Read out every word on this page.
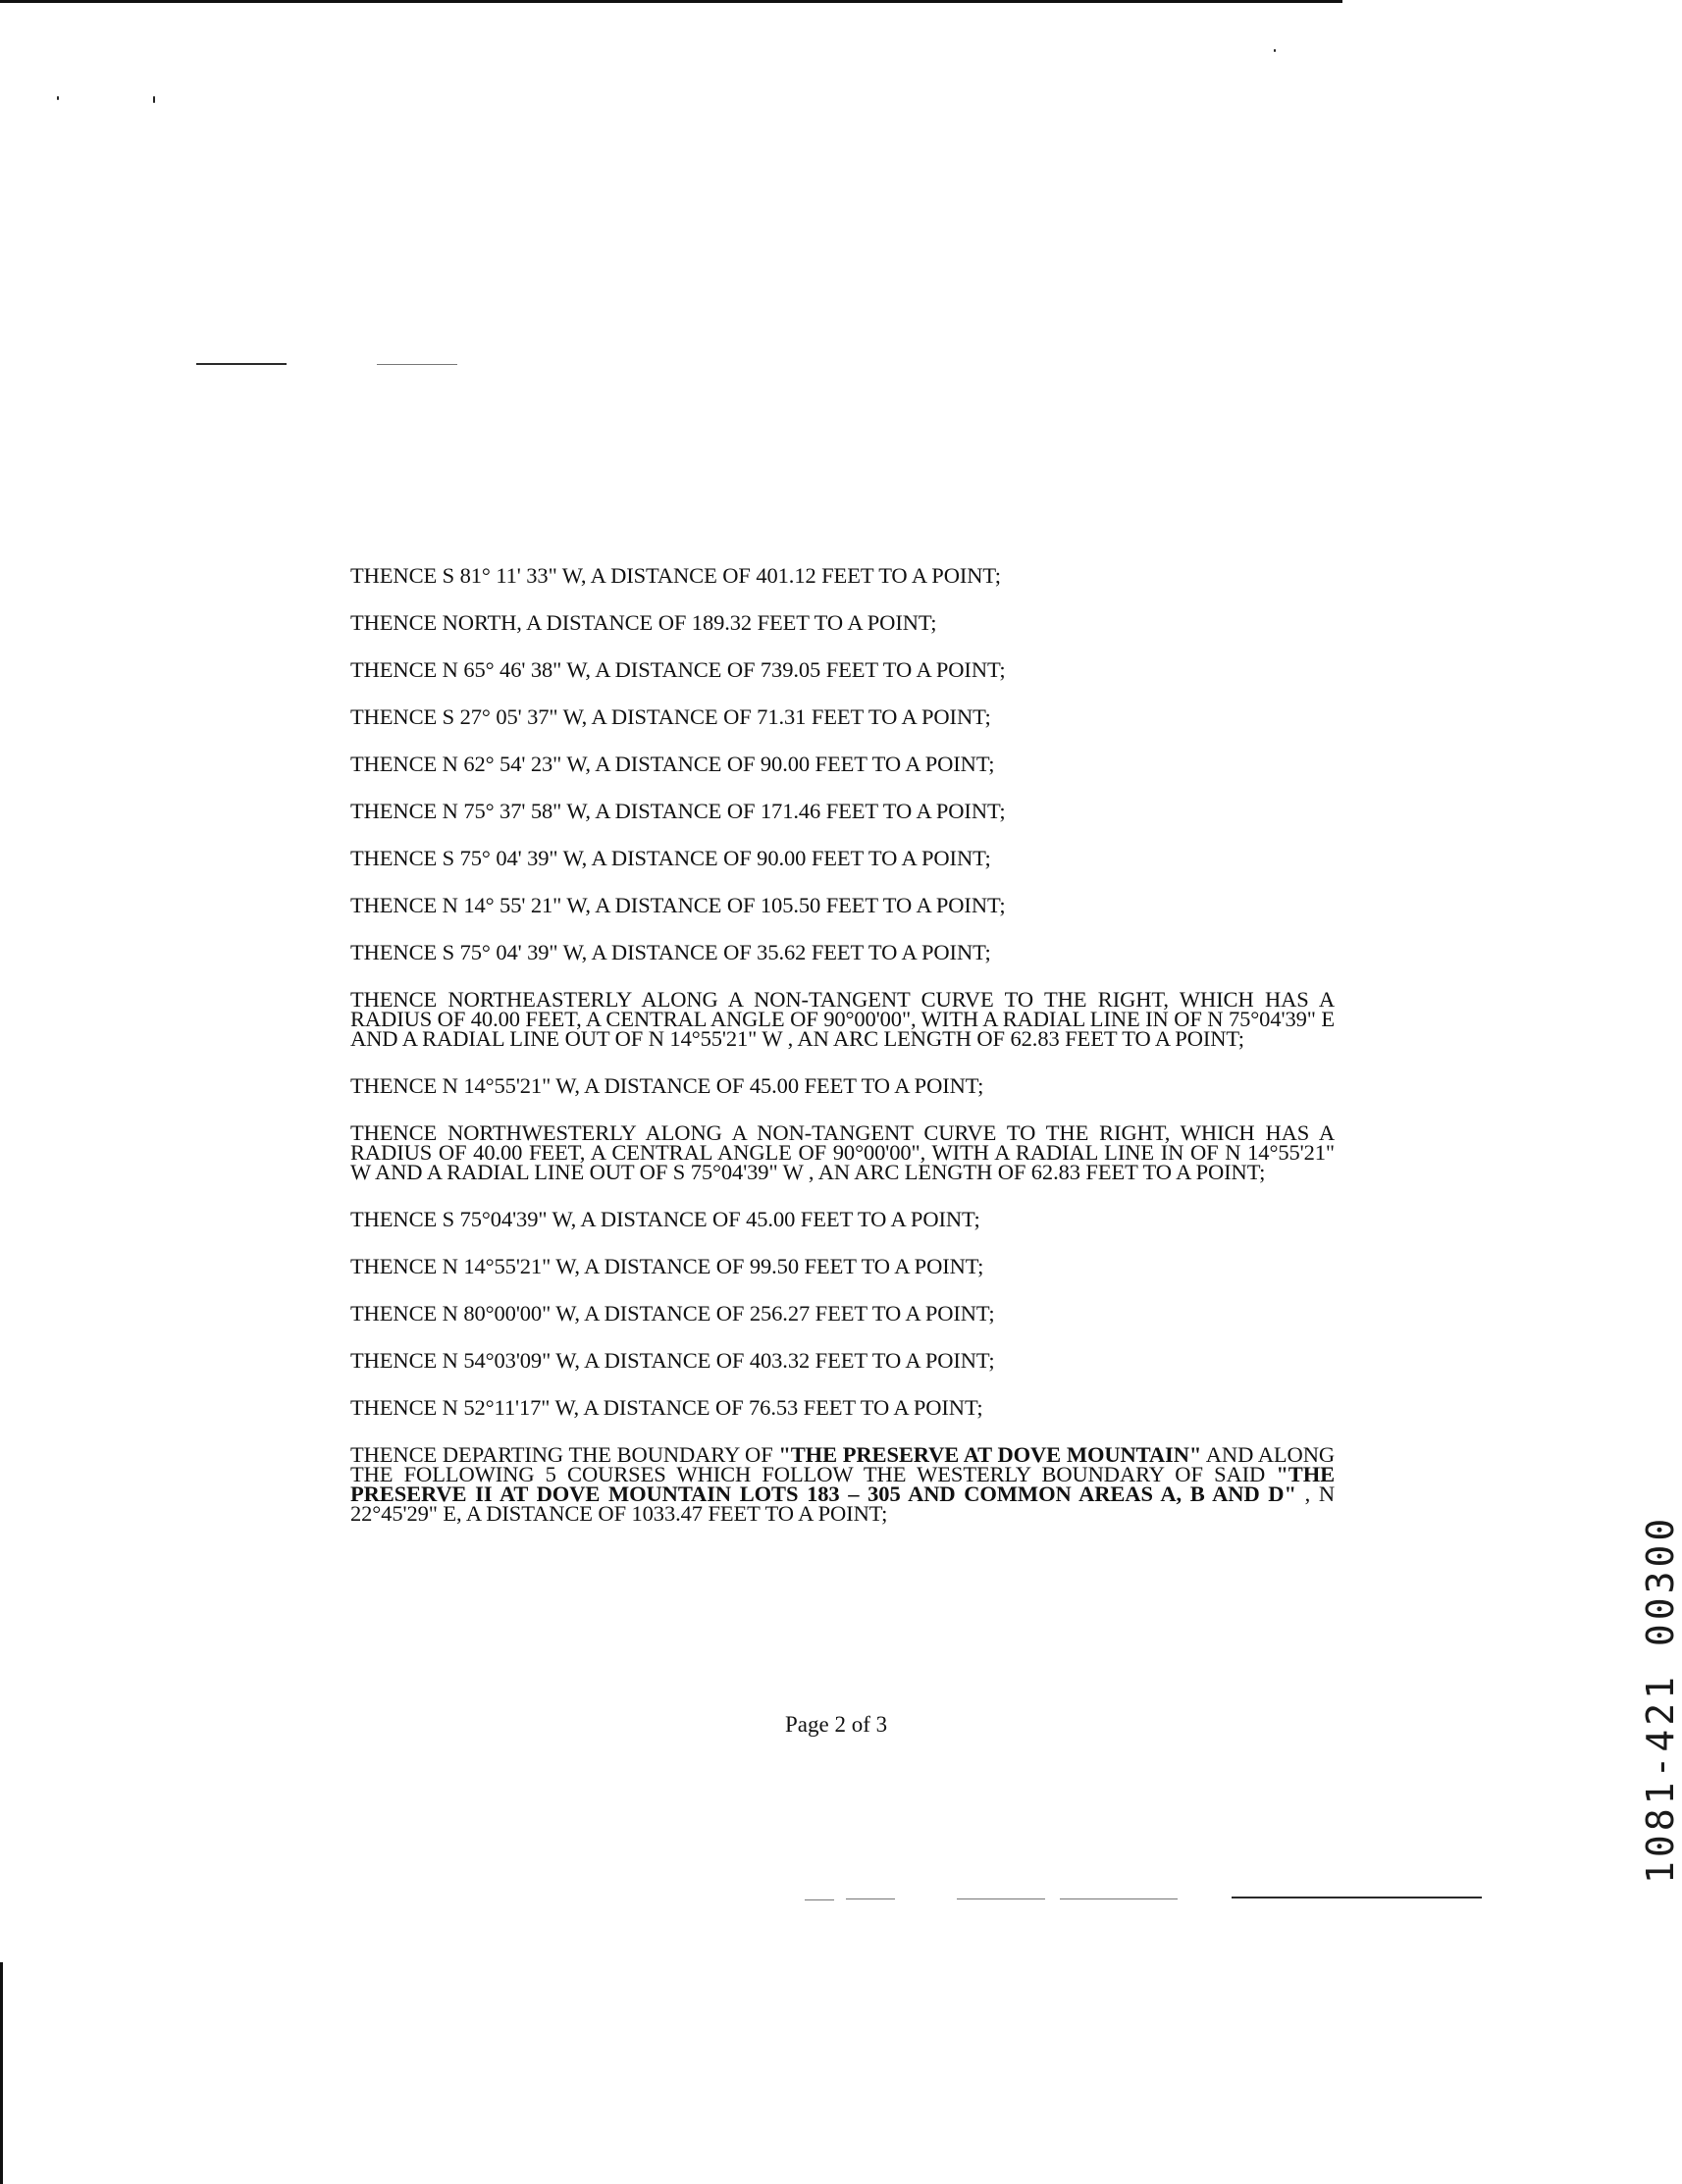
THENCE S 81° 11' 33" W, A DISTANCE OF 401.12 FEET TO A POINT;

THENCE NORTH, A DISTANCE OF 189.32 FEET TO A POINT;

THENCE N 65° 46' 38" W, A DISTANCE OF 739.05 FEET TO A POINT;

THENCE S 27° 05' 37" W, A DISTANCE OF 71.31 FEET TO A POINT;

THENCE N 62° 54' 23" W, A DISTANCE OF 90.00 FEET TO A POINT;

THENCE N 75° 37' 58" W, A DISTANCE OF 171.46 FEET TO A POINT;

THENCE S 75° 04' 39" W, A DISTANCE OF 90.00 FEET TO A POINT;

THENCE N 14° 55' 21" W, A DISTANCE OF 105.50 FEET TO A POINT;

THENCE S 75° 04' 39" W, A DISTANCE OF 35.62 FEET TO A POINT;

THENCE NORTHEASTERLY ALONG A NON-TANGENT CURVE TO THE RIGHT, WHICH HAS A RADIUS OF 40.00 FEET, A CENTRAL ANGLE OF 90°00'00", WITH A RADIAL LINE IN OF N 75°04'39" E AND A RADIAL LINE OUT OF N 14°55'21" W , AN ARC LENGTH OF 62.83 FEET TO A POINT;

THENCE N 14°55'21" W, A DISTANCE OF 45.00 FEET TO A POINT;

THENCE NORTHWESTERLY ALONG A NON-TANGENT CURVE TO THE RIGHT, WHICH HAS A RADIUS OF 40.00 FEET, A CENTRAL ANGLE OF 90°00'00", WITH A RADIAL LINE IN OF N 14°55'21" W AND A RADIAL LINE OUT OF S 75°04'39" W , AN ARC LENGTH OF 62.83 FEET TO A POINT;

THENCE S 75°04'39" W, A DISTANCE OF 45.00 FEET TO A POINT;

THENCE N 14°55'21" W, A DISTANCE OF 99.50 FEET TO A POINT;

THENCE N 80°00'00" W, A DISTANCE OF 256.27 FEET TO A POINT;

THENCE N 54°03'09" W, A DISTANCE OF 403.32 FEET TO A POINT;

THENCE N 52°11'17" W, A DISTANCE OF 76.53 FEET TO A POINT;

THENCE DEPARTING THE BOUNDARY OF "THE PRESERVE AT DOVE MOUNTAIN" AND ALONG THE FOLLOWING 5 COURSES WHICH FOLLOW THE WESTERLY BOUNDARY OF SAID "THE PRESERVE II AT DOVE MOUNTAIN LOTS 183 – 305 AND COMMON AREAS A, B AND D" , N 22°45'29" E, A DISTANCE OF 1033.47 FEET TO A POINT;

Page 2 of 3	1081-421 00300
